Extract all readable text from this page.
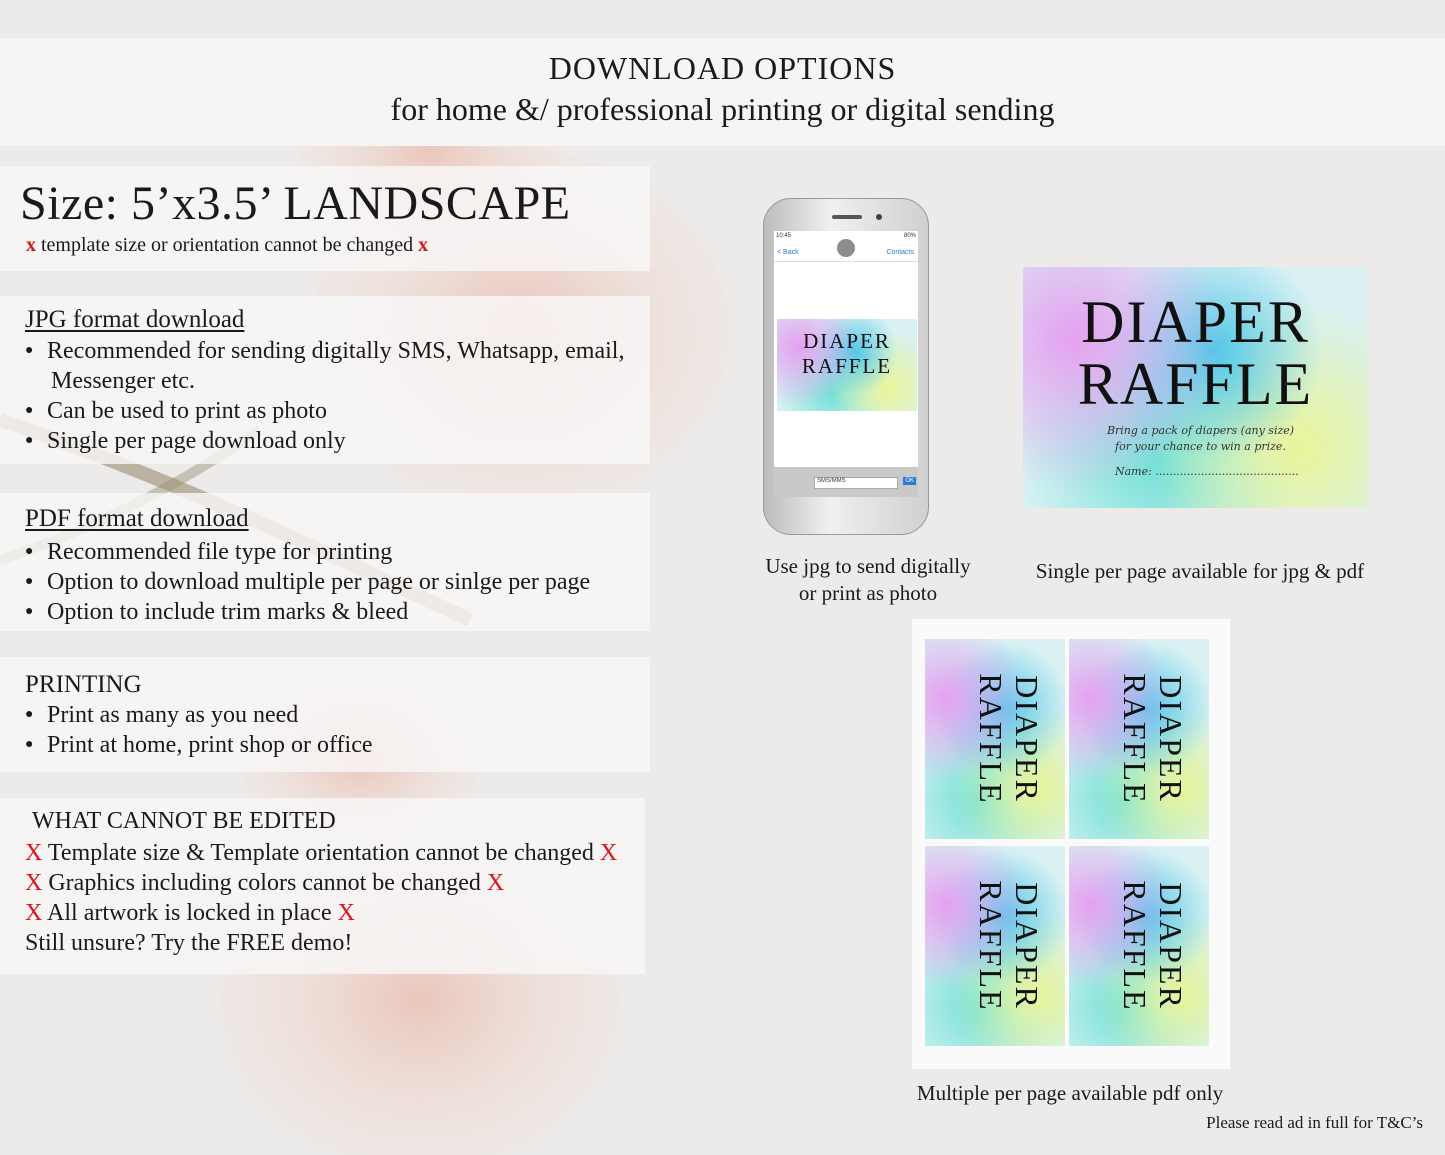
DOWNLOAD OPTIONS
for home &/ professional printing or digital sending
Size: 5’x3.5’ LANDSCAPE
x template size or orientation cannot be changed x
JPG format download
● Recommended for sending digitally SMS, Whatsapp, email,
Messenger etc.
● Can be used to print as photo
● Single per page download only
PDF format download
● Recommended file type for printing
● Option to download multiple per page or sinlge per page
● Option to include trim marks & bleed
PRINTING
● Print as many as you need
● Print at home, print shop or office
WHAT CANNOT BE EDITED
X Template size & Template orientation cannot be changed X
X Graphics including colors cannot be changed X
X All artwork is locked in place X
Still unsure? Try the FREE demo!
10:45	80%
< Back	Contacts
DIAPER
RAFFLE
SMS/MMS	OK
Use jpg to send digitally
or print as photo
DIAPER
RAFFLE
Bring a pack of diapers (any size) for your chance to win a prize.
Name: .........................................
Single per page available for jpg & pdf
DIAPER
RAFFLE	DIAPER
RAFFLE
DIAPER
RAFFLE	DIAPER
RAFFLE
Multiple per page available pdf only
Please read ad in full for T&C’s
